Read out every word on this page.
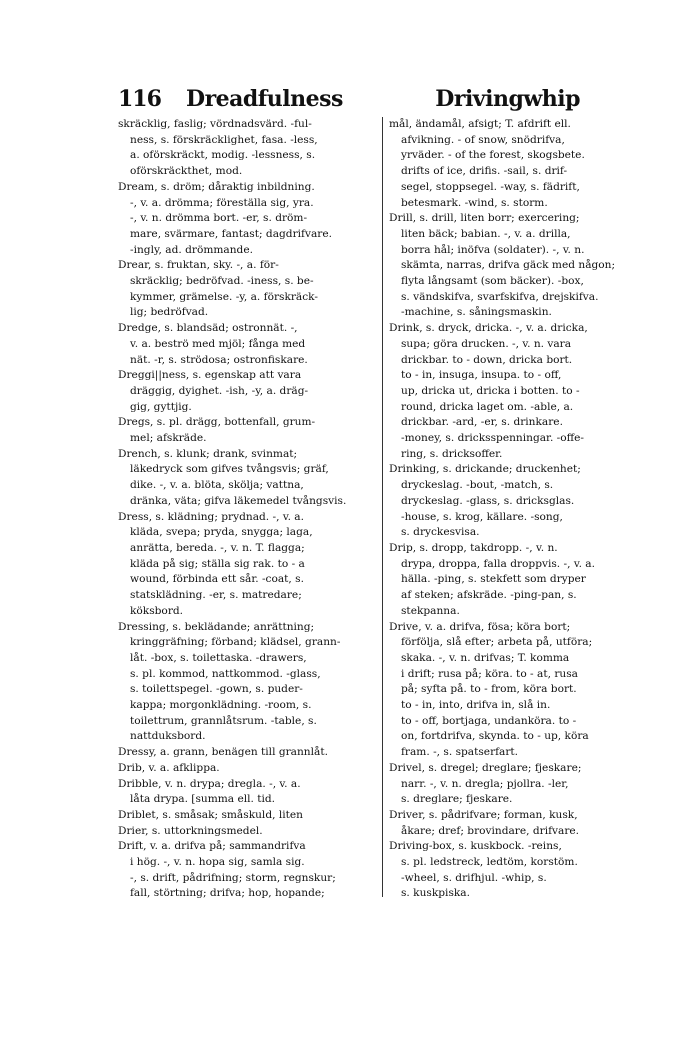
116 Dreadfulness	Drivingwhip
skräcklig, faslig; vördnadsvärd. -ful-
ness, s. förskräcklighet, fasa. -less,
a. oförskräckt, modig. -lessness, s.
oförskräckthet, mod.
Dream, s. dröm; dåraktig inbildning.
-, v. a. drömma; föreställa sig, yra.
-, v. n. drömma bort. -er, s. dröm-
mare, svärmare, fantast; dagdrifvare.
-ingly, ad. drömmande.
Drear, s. fruktan, sky. -, a. för-
skräcklig; bedröfvad. -iness, s. be-
kymmer, grämelse. -y, a. förskräck-
lig; bedröfvad.
Dredge, s. blandsäd; ostronnät. -,
v. a. beströ med mjöl; fånga med
nät. -r, s. strödosa; ostronfiskare.
Dreggi||ness, s. egenskap att vara
dräggig, dyighet. -ish, -y, a. dräg-
gig, gyttjig.
Dregs, s. pl. drägg, bottenfall, grum-
mel; afskräde.
Drench, s. klunk; drank, svinmat;
läkedryck som gifves tvångsvis; gräf,
dike. -, v. a. blöta, skölja; vattna,
dränka, väta; gifva läkemedel tvångsvis.
Dress, s. klädning; prydnad. -, v. a.
kläda, svepa; pryda, snygga; laga,
anrätta, bereda. -, v. n. T. flagga;
kläda på sig; ställa sig rak. to - a
wound, förbinda ett sår. -coat, s.
statsklädning. -er, s. matredare;
köksbord.
Dressing, s. beklädande; anrättning;
kringgräfning; förband; klädsel, grann-
låt. -box, s. toilettaska. -drawers,
s. pl. kommod, nattkommod. -glass,
s. toilettspegel. -gown, s. puder-
kappa; morgonklädning. -room, s.
toilettrum, grannlåtsrum. -table, s.
nattduksbord.
Dressy, a. grann, benägen till grannlåt.
Drib, v. a. afklippa.
Dribble, v. n. drypa; dregla. -, v. a.
låta drypa. [summa ell. tid.
Driblet, s. småsak; småskuld, liten
Drier, s. uttorkningsmedel.
Drift, v. a. drifva på; sammandrifva
i hög. -, v. n. hopa sig, samla sig.
-, s. drift, pådrifning; storm, regnskur;
fall, störtning; drifva; hop, hopande;
mål, ändamål, afsigt; T. afdrift ell.
afvikning. - of snow, snödrifva,
yrväder. - of the forest, skogsbete.
drifts of ice, drifis. -sail, s. drif-
segel, stoppsegel. -way, s. fädrift,
betesmark. -wind, s. storm.
Drill, s. drill, liten borr; exercering;
liten bäck; babian. -, v. a. drilla,
borra hål; inöfva (soldater). -, v. n.
skämta, narras, drifva gäck med någon;
flyta långsamt (som bäcker). -box,
s. vändskifva, svarfskifva, drejskifva.
-machine, s. såningsmaskin.
Drink, s. dryck, dricka. -, v. a. dricka,
supa; göra drucken. -, v. n. vara
drickbar. to - down, dricka bort.
to - in, insuga, insupa. to - off,
up, dricka ut, dricka i botten. to -
round, dricka laget om. -able, a.
drickbar. -ard, -er, s. drinkare.
-money, s. dricksspenningar. -offe-
ring, s. dricksoffer.
Drinking, s. drickande; druckenhet;
dryckeslag. -bout, -match, s.
dryckeslag. -glass, s. dricksglas.
-house, s. krog, källare. -song,
s. dryckesvisa.
Drip, s. dropp, takdropp. -, v. n.
drypa, droppa, falla droppvis. -, v. a.
hälla. -ping, s. stekfett som dryper
af steken; afskräde. -ping-pan, s.
stekpanna.
Drive, v. a. drifva, fösa; köra bort;
förfölja, slå efter; arbeta på, utföra;
skaka. -, v. n. drifvas; T. komma
i drift; rusa på; köra. to - at, rusa
på; syfta på. to - from, köra bort.
to - in, into, drifva in, slå in.
to - off, bortjaga, undanköra. to -
on, fortdrifva, skynda. to - up, köra
fram. -, s. spatserfart.
Drivel, s. dregel; dreglare; fjeskare;
narr. -, v. n. dregla; pjollra. -ler,
s. dreglare; fjeskare.
Driver, s. pådrifvare; forman, kusk,
åkare; dref; brovindare, drifvare.
Driving-box, s. kuskbock. -reins,
s. pl. ledstreck, ledtöm, korstöm.
-wheel, s. drifhjul. -whip, s.
s. kuskpiska.
